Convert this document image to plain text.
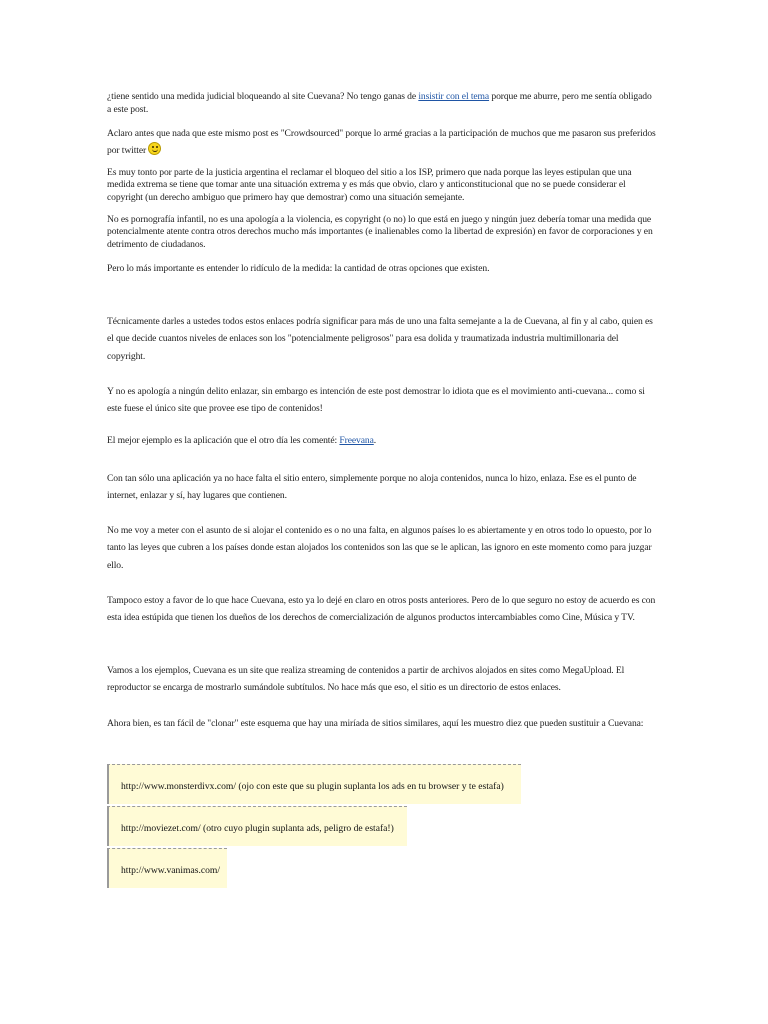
¿tiene sentido una medida judicial bloqueando al site Cuevana? No tengo ganas de insistir con el tema porque me aburre, pero me sentía obligado a este post.

Aclaro antes que nada que este mismo post es "Crowdsourced" porque lo armé gracias a la participación de muchos que me pasaron sus preferidos por twitter

Es muy tonto por parte de la justicia argentina el reclamar el bloqueo del sitio a los ISP, primero que nada porque las leyes estipulan que una medida extrema se tiene que tomar ante una situación extrema y es más que obvio, claro y anticonstitucional que no se puede considerar el copyright (un derecho ambiguo que primero hay que demostrar) como una situación semejante.

No es pornografía infantil, no es una apología a la violencia, es copyright (o no) lo que está en juego y ningún juez debería tomar una medida que potencialmente atente contra otros derechos mucho más importantes (e inalienables como la libertad de expresión) en favor de corporaciones y en detrimento de ciudadanos.

Pero lo más importante es entender lo ridículo de la medida: la cantidad de otras opciones que existen.

Técnicamente darles a ustedes todos estos enlaces podría significar para más de uno una falta semejante a la de Cuevana, al fin y al cabo, quien es el que decide cuantos niveles de enlaces son los "potencialmente peligrosos" para esa dolida y traumatizada industria multimillonaria del copyright.

Y no es apología a ningún delito enlazar, sin embargo es intención de este post demostrar lo idiota que es el movimiento anti-cuevana... como si este fuese el único site que provee ese tipo de contenidos!

El mejor ejemplo es la aplicación que el otro día les comenté: Freevana.

Con tan sólo una aplicación ya no hace falta el sitio entero, simplemente porque no aloja contenidos, nunca lo hizo, enlaza. Ese es el punto de internet, enlazar y sí, hay lugares que contienen.

No me voy a meter con el asunto de si alojar el contenido es o no una falta, en algunos países lo es abiertamente y en otros todo lo opuesto, por lo tanto las leyes que cubren a los países donde estan alojados los contenidos son las que se le aplican, las ignoro en este momento como para juzgar ello.

Tampoco estoy a favor de lo que hace Cuevana, esto ya lo dejé en claro en otros posts anteriores. Pero de lo que seguro no estoy de acuerdo es con esta idea estúpida que tienen los dueños de los derechos de comercialización de algunos productos intercambiables como Cine, Música y TV.

Vamos a los ejemplos, Cuevana es un site que realiza streaming de contenidos a partir de archivos alojados en sites como MegaUpload. El reproductor se encarga de mostrarlo sumándole subtítulos. No hace más que eso, el sitio es un directorio de estos enlaces.

Ahora bien, es tan fácil de "clonar" este esquema que hay una miríada de sitios similares, aquí les muestro diez que pueden sustituir a Cuevana:

http://www.monsterdivx.com/ (ojo con este que su plugin suplanta los ads en tu browser y te estafa)
http://moviezet.com/ (otro cuyo plugin suplanta ads, peligro de estafa!)
http://www.vanimas.com/
